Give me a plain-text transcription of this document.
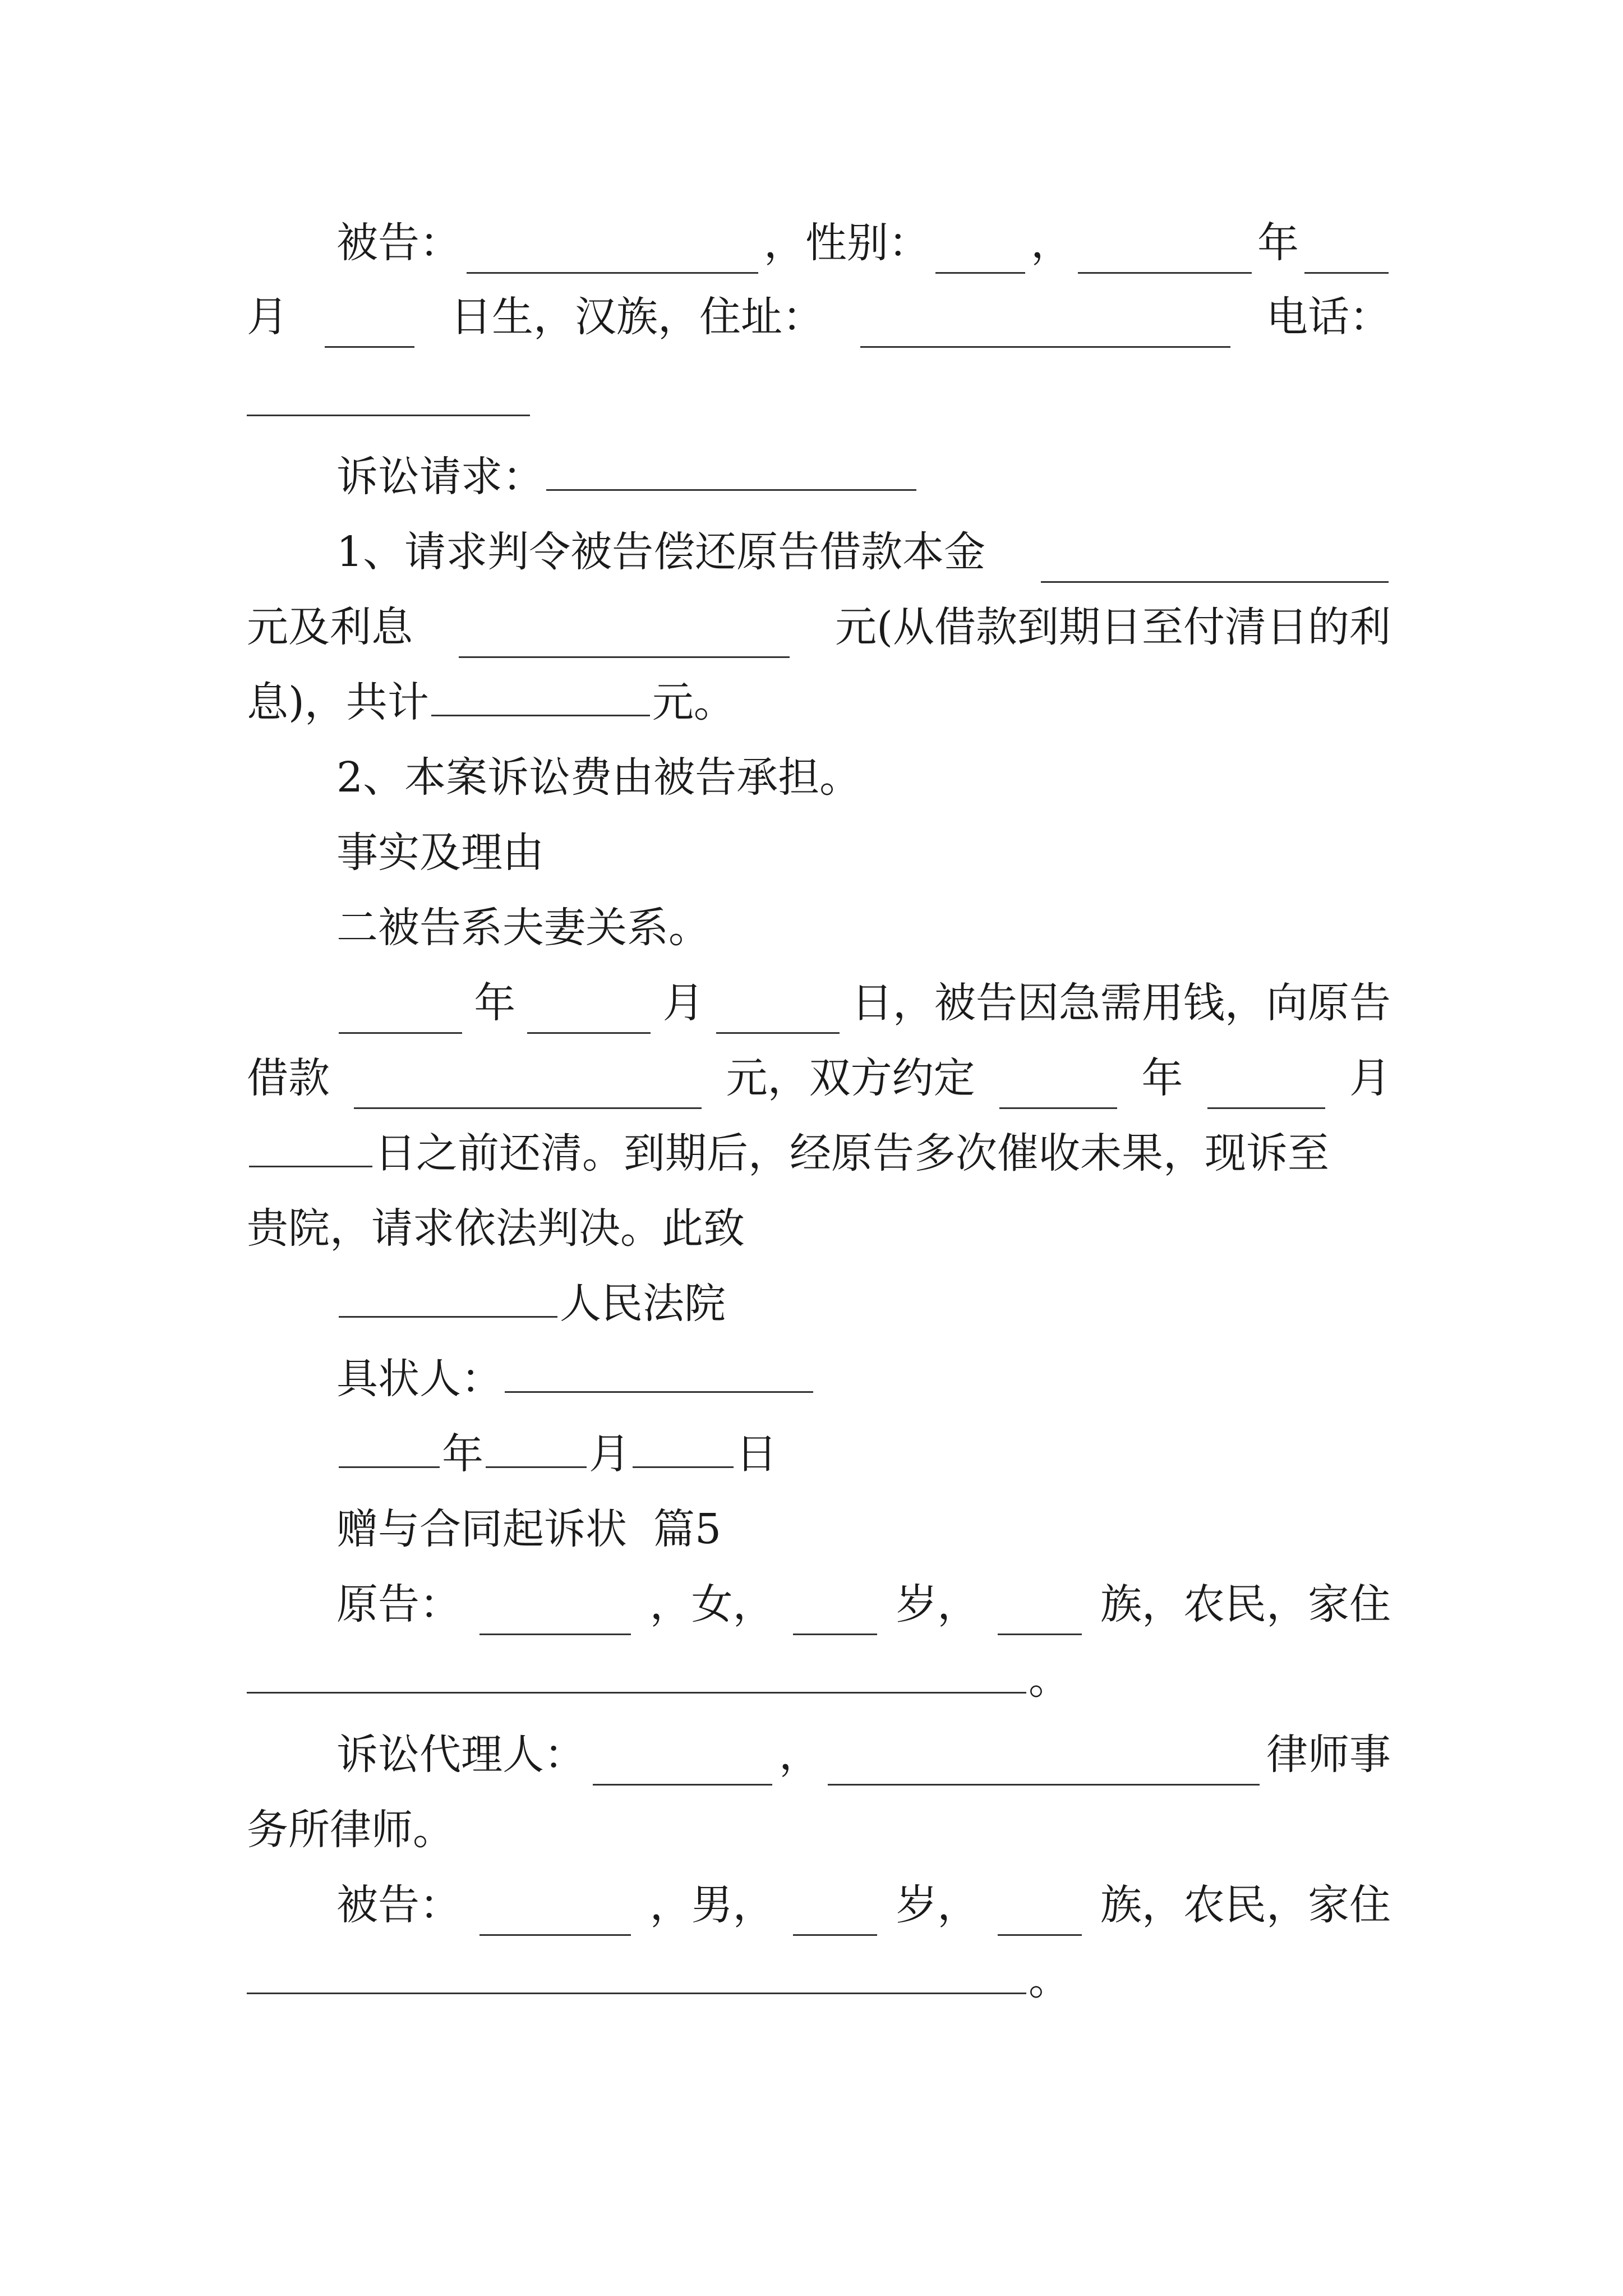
被告：	，性别： ，	年
月	日生，汉族，住址：	电话：
诉讼请求：
1、请求判令被告偿还原告借款本金
元及利息	元(从借款到期日至付清日的利
息)，共计	元。
2、本案诉讼费由被告承担。
事实及理由
二被告系夫妻关系。
年	月	日，被告因急需用钱，向原告
借款	元，双方约定	年	月
日之前还清。到期后，经原告多次催收未果，现诉至
贵院，请求依法判决。此致
人民法院
具状人：
年	月	日
赠与合同起诉状  篇5
原告：	，女，	岁，	族，农民，家住
。
诉讼代理人：	，	律师事
务所律师。
被告：	，男，	岁，	族，农民，家住
。
